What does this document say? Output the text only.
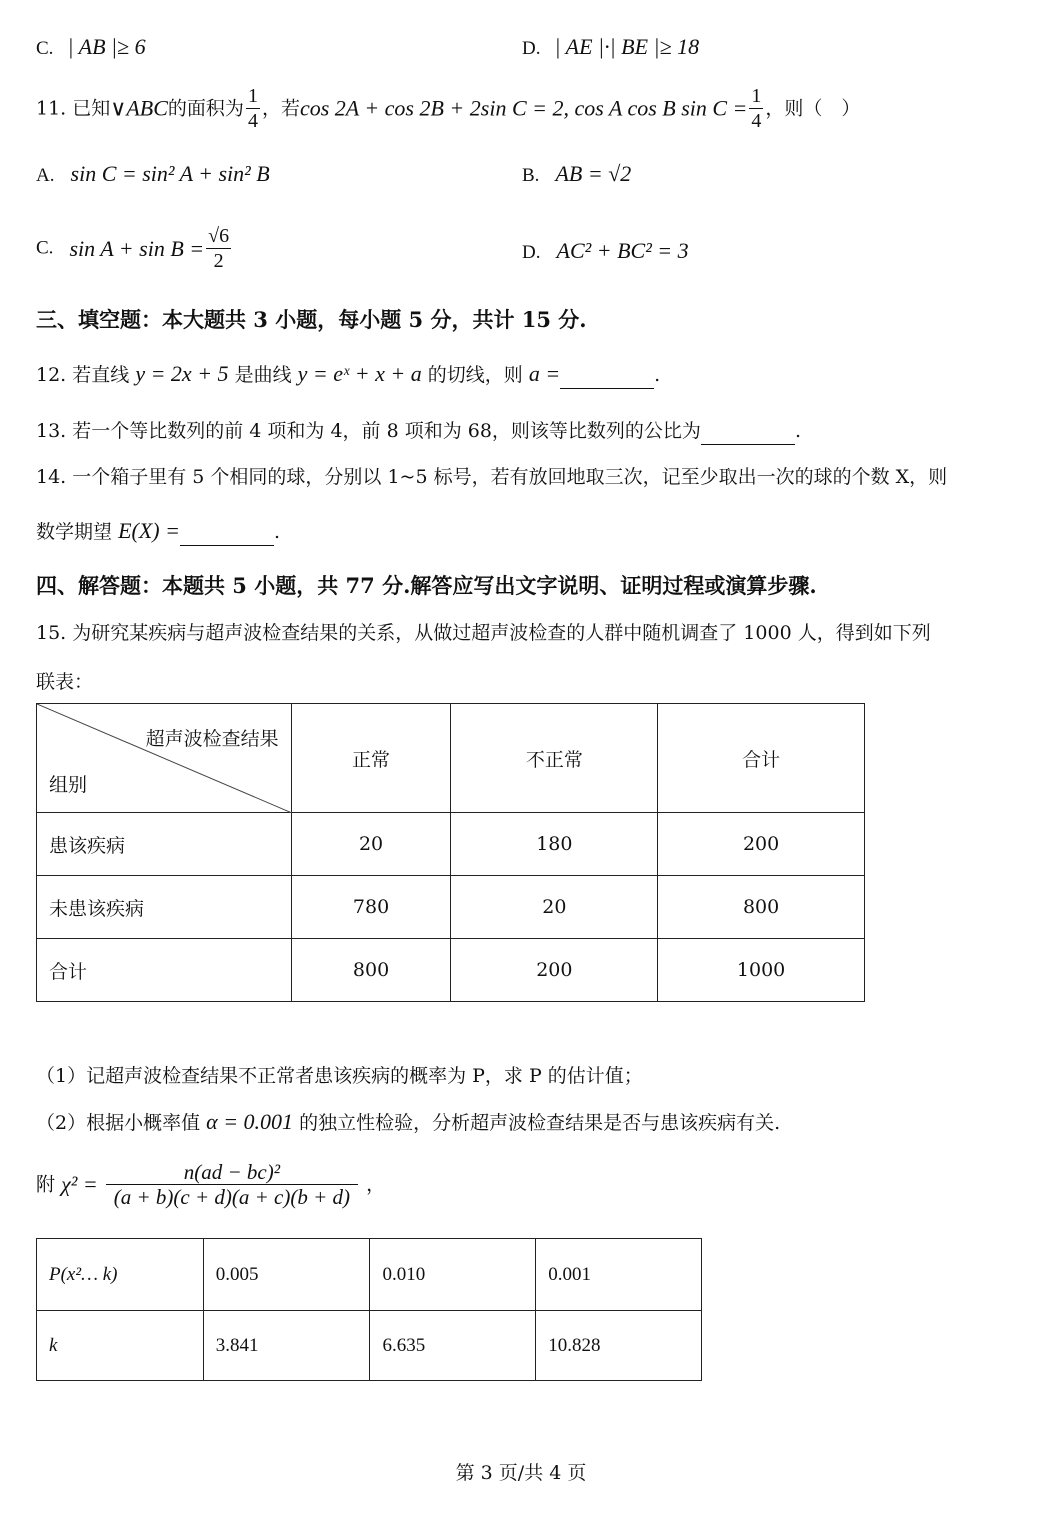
C. | AB |≥ 6	D. | AE |·| BE |≥ 18
11. 已知∨ABC的面积为 $\frac{1}{4}$ ，若cos 2A + cos 2B + 2sin C = 2, cos A cos B $\sin C = \frac{1}{4}$ ，则（　）
A. sin C = sin² A + sin² B	B. AB = √2
C. $\sin A + \sin B = \frac{√6}{2}$	D. AC² + BC² = 3
三、填空题：本大题共 3 小题，每小题 5 分，共计 15 分.
12. 若直线 y = 2x + 5 是曲线 y = eˣ + x + a 的切线，则 a =	.
13. 若一个等比数列的前 4 项和为 4，前 8 项和为 68，则该等比数列的公比为	.
14. 一个箱子里有 5 个相同的球，分别以 1~5 标号，若有放回地取三次，记至少取出一次的球的个数 X，则
数学期望 E(X) =	.
四、解答题：本题共 5 小题，共 77 分.解答应写出文字说明、证明过程或演算步骤.
15. 为研究某疾病与超声波检查结果的关系，从做过超声波检查的人群中随机调查了 1000 人，得到如下列
联表：
超声波检查结果
组别	正常	不正常	合计
患该疾病	20	180	200
未患该疾病	780	20	800
合计	800	200	1000
（1）记超声波检查结果不正常者患该疾病的概率为 P，求 P 的估计值；
（2）根据小概率值 α = 0.001 的独立性检验，分析超声波检查结果是否与患该疾病有关.
附 $\chi^2 = \frac{\text{n(ad − bc)²}}{(a + b)(c + d)(a + c)(b + d)}$ ，
P(x²… k)	0.005	0.010	0.001
k	3.841	6.635	10.828
第 3 页/共 4 页
